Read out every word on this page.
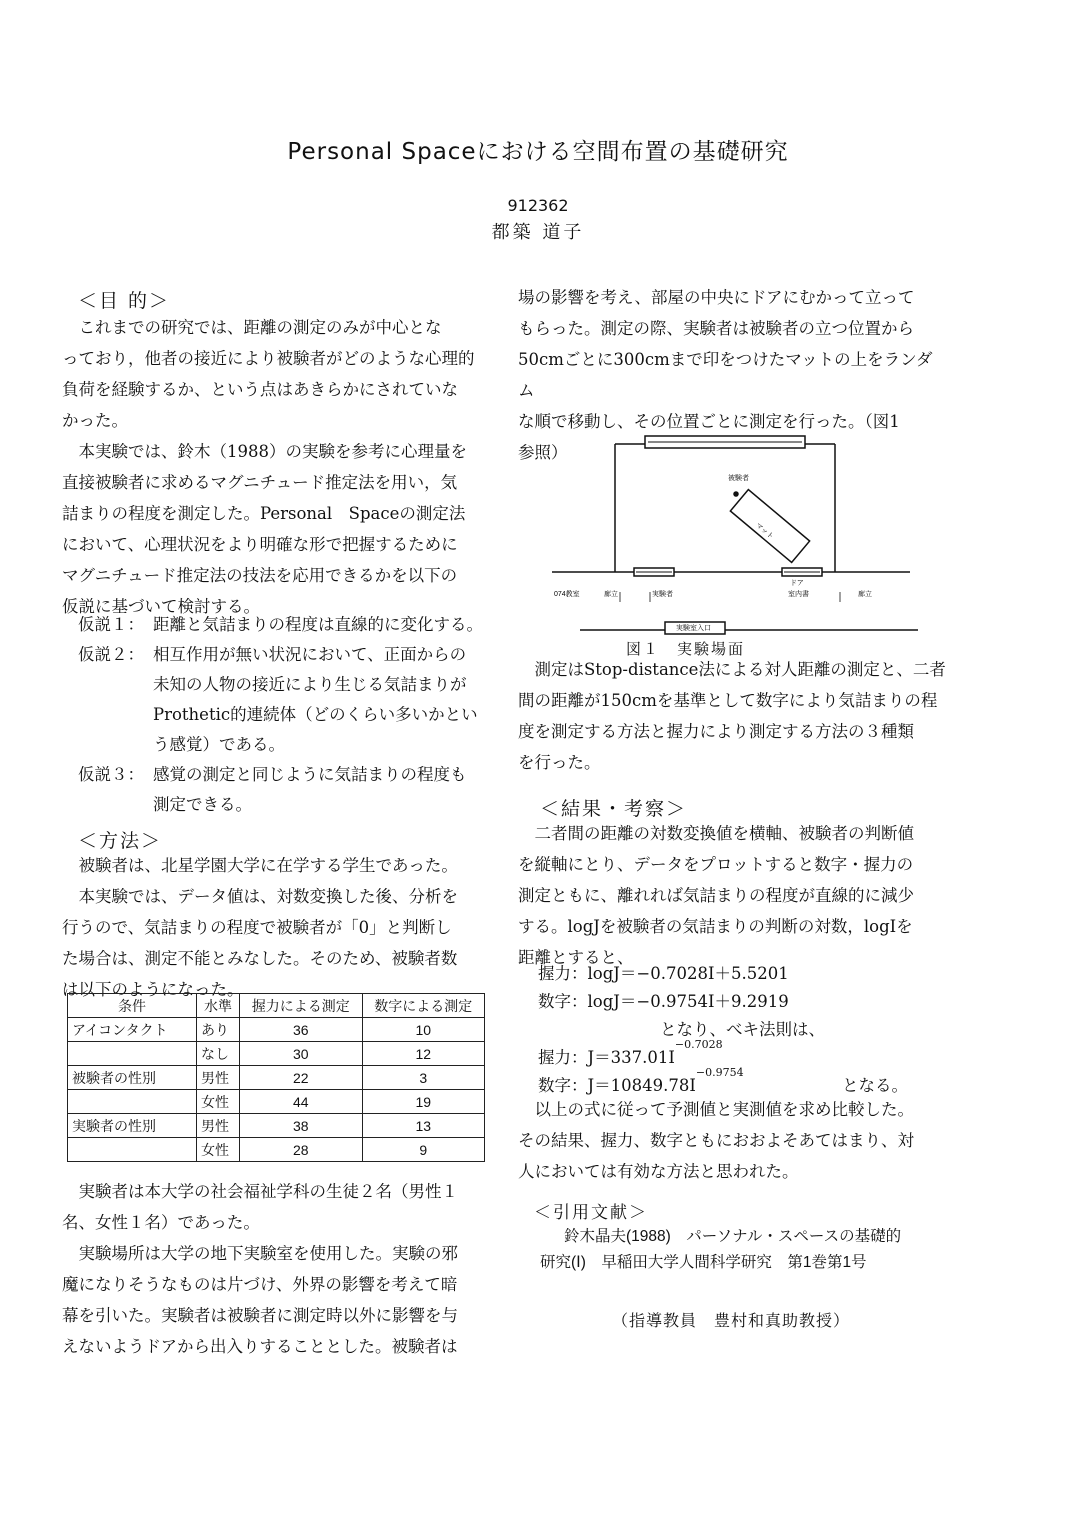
Personal Spaceにおける空間布置の基礎研究
912362
都築 道子
＜目 的＞

　これまでの研究では、距離の測定のみが中心とな

っており，他者の接近により被験者がどのような心理的

負荷を経験するか、という点はあきらかにされていな

かった。

　本実験では、鈴木（1988）の実験を参考に心理量を

直接被験者に求めるマグニチュード推定法を用い，気

詰まりの程度を測定した。Personal　Spaceの測定法

において、心理状況をより明確な形で把握するために

マグニチュード推定法の技法を応用できるかを以下の

仮説に基づいて検討する。

仮説１： 距離と気詰まりの程度は直線的に変化する。
仮説２： 相互作用が無い状況において、正面からの
未知の人物の接近により生じる気詰まりが
Prothetic的連続体（どのくらい多いかとい
う感覚）である。
仮説３： 感覚の測定と同じように気詰まりの程度も
測定できる。
＜方法＞

　被験者は、北星学園大学に在学する学生であった。

　本実験では、データ値は、対数変換した後、分析を

行うので、気詰まりの程度で被験者が「0」と判断し

た場合は、測定不能とみなした。そのため、被験者数

は以下のようになった。

条件	水準	握力による測定	数字による測定
アイコンタクト	あり	36	10
	なし	30	12
被験者の性別	男性	22	3
	女性	44	19
実験者の性別	男性	38	13
	女性	28	9

　実験者は本大学の社会福祉学科の生徒２名（男性１

名、女性１名）であった。

　実験場所は大学の地下実験室を使用した。実験の邪

魔になりそうなものは片づけ、外界の影響を考えて暗

幕を引いた。実験者は被験者に測定時以外に影響を与

えないようドアから出入りすることとした。被験者は

場の影響を考え、部屋の中央にドアにむかって立って

もらった。測定の際、実験者は被験者の立つ位置から

50cmごとに300cmまで印をつけたマットの上をランダム

な順で移動し、その位置ごとに測定を行った。（図1

参照）

被験者
マット
ドア
074教室	廊立	実験者	室内書	廊立
実験室入口
図１　実験場面

　測定はStop-distance法による対人距離の測定と、二者

間の距離が150cmを基準として数字により気詰まりの程

度を測定する方法と握力により測定する方法の３種類

を行った。

＜結果・考察＞

　二者間の距離の対数変換値を横軸、被験者の判断値

を縦軸にとり、データをプロットすると数字・握力の

測定ともに、離れれば気詰まりの程度が直線的に減少

する。logJを被験者の気詰まりの判断の対数，logIを

距離とすると、

握力：logJ＝−0.7028I＋5.5201
数字：logJ＝−0.9754I＋9.2919
となり、べキ法則は、
握力：$J=337.01I^{-0.7028}$
数字：$J=10849.78I^{-0.9754}$
となる。

　以上の式に従って予測値と実測値を求め比較した。

その結果、握力、数字ともにおおよそあてはまり、対

人においては有効な方法と思われた。

＜引用文献＞
鈴木晶夫(1988)　パーソナル・スペースの基礎的
研究(Ⅰ)　早稲田大学人間科学研究　第1巻第1号
（指導教員　豊村和真助教授）
